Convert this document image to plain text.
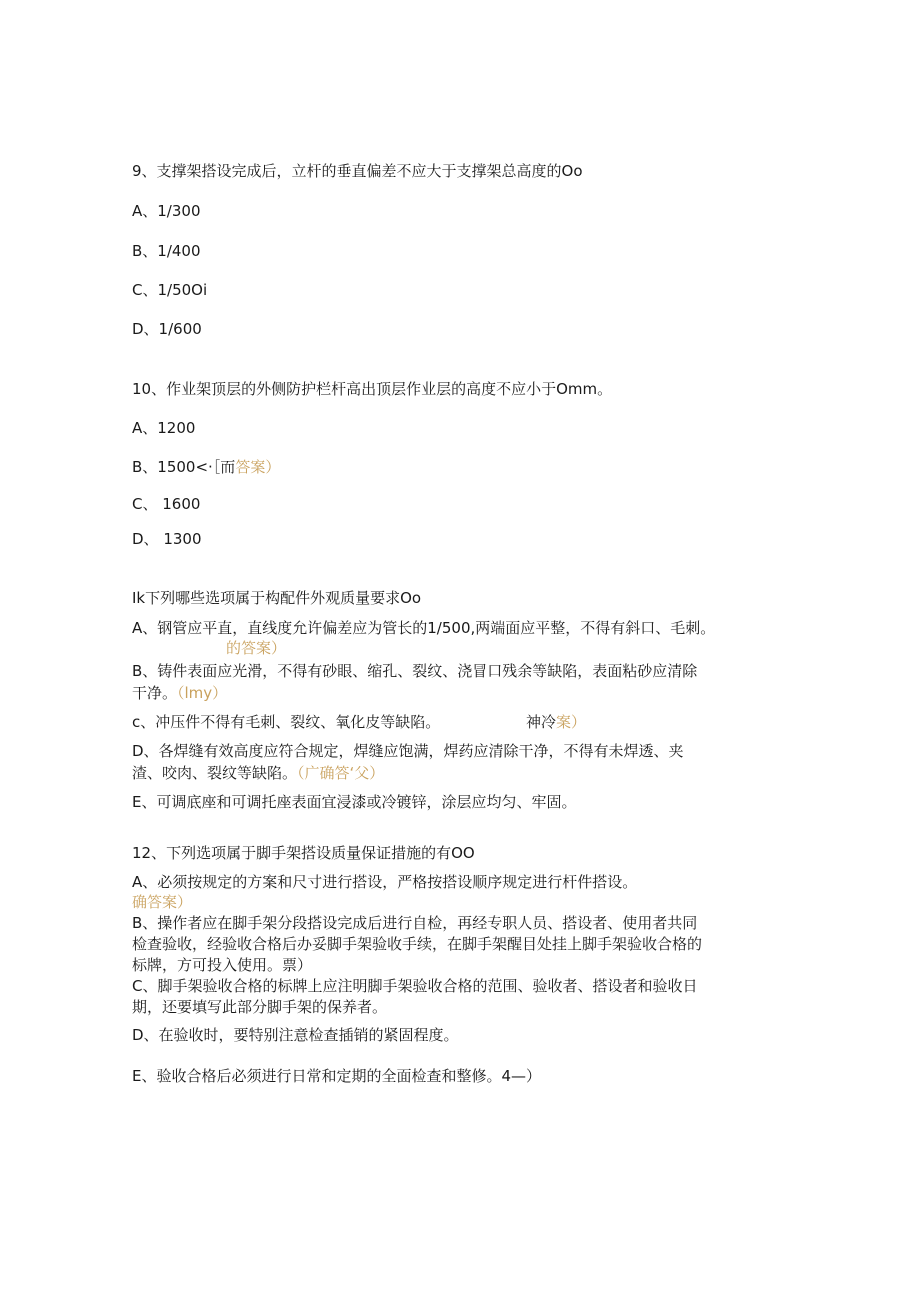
9、支撑架搭设完成后，立杆的垂直偏差不应大于支撑架总高度的Oo

A、1/300

B、1/400

C、1/50Oi

D、1/600

10、作业架顶层的外侧防护栏杆高出顶层作业层的高度不应小于Omm。

A、1200

B、1500<·［而答案）

C、 1600

D、 1300

Ik下列哪些选项属于构配件外观质量要求Oo

A、钢管应平直，直线度允许偏差应为管长的1/500,两端面应平整，不得有斜口、毛刺。

的答案）

B、铸件表面应光滑，不得有砂眼、缩孔、裂纹、浇冒口残余等缺陷，表面粘砂应清除

干净。（lmy）

c、冲压件不得有毛刺、裂纹、氧化皮等缺陷。	神冷案）

D、各焊缝有效高度应符合规定，焊缝应饱满，焊药应清除干净，不得有未焊透、夹

渣、咬肉、裂纹等缺陷。（广确答‘父）

E、可调底座和可调托座表面宜浸漆或冷镀锌，涂层应均匀、牢固。

12、下列选项属于脚手架搭设质量保证措施的有OO

A、必须按规定的方案和尺寸进行搭设，严格按搭设顺序规定进行杆件搭设。

确答案）

B、操作者应在脚手架分段搭设完成后进行自检，再经专职人员、搭设者、使用者共同

检查验收，经验收合格后办妥脚手架验收手续，在脚手架醒目处挂上脚手架验收合格的

标牌，方可投入使用。票）

C、脚手架验收合格的标牌上应注明脚手架验收合格的范围、验收者、搭设者和验收日

期，还要填写此部分脚手架的保养者。

D、在验收时，要特别注意检查插销的紧固程度。

E、验收合格后必须进行日常和定期的全面检查和整修。4—）
